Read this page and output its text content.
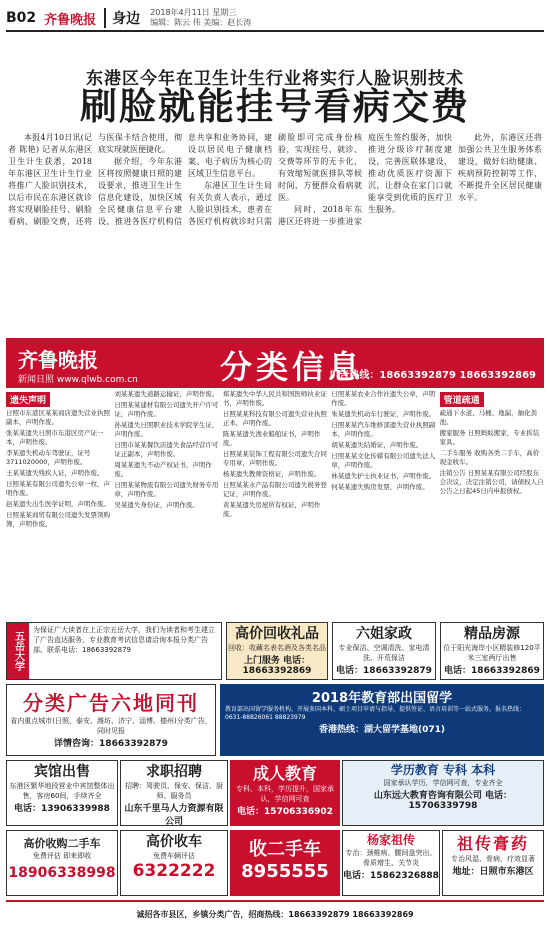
B02 齐鲁晚报	身边 2018年4月11日 星期三
编辑：陈云 伟 美编：赵长涛
东港区今年在卫生计生行业将实行人脸识别技术
刷脸就能挂号看病交费

本报4月10日讯(记者 陈艳) 记者从东港区卫生计生获悉，2018年东港区卫生计生行业将推广人脸识别技术，以后市民在东港区就诊将实现刷脸挂号、刷脸看病、刷脸交费，还将与医保卡结合使用，彻底实现就医便捷化。

据介绍，今年东港区将按照健康日照的建设要求，推进卫生计生信息化建设，加快区域全民健康信息平台建设，推进各医疗机构信息共享和业务协同，建设以居民电子健康档案、电子病历为核心的区域卫生信息平台。

东港区卫生计生局有关负责人表示，通过人脸识别技术，患者在各医疗机构就诊时只需刷脸即可完成身份核验，实现挂号、就诊、交费等环节的无卡化，有效缩短就医排队等候时间，方便群众看病就医。

同时，2018年东港区还将进一步推进家庭医生签约服务，加快推进分级诊疗制度建设，完善医联体建设，推动优质医疗资源下沉，让群众在家门口就能享受到优质的医疗卫生服务。

此外，东港区还将加强公共卫生服务体系建设，做好妇幼健康、疾病预防控制等工作，不断提升全区居民健康水平。

齐鲁晚报
新闻日照 www.qlwb.com.cn	分类信息
广告热线：18663392879 18663392869
遗失声明

日照市东港区某某商店遗失营业执照副本，声明作废。

张某某遗失日照市东港区房产证一本，声明作废。

李某遗失机动车驾驶证，证号3711020000，声明作废。

王某某遗失残疾人证，声明作废。

日照某某有限公司遗失公章一枚，声明作废。

赵某遗失出生医学证明，声明作废。

日照某某商贸有限公司遗失发票领购簿，声明作废。

刘某某遗失道路运输证，声明作废。

日照某某建材有限公司遗失开户许可证，声明作废。

孙某遗失日照职业技术学院学生证，声明作废。

日照市某某餐饮店遗失食品经营许可证正副本，声明作废。

周某某遗失不动产权证书，声明作废。

日照某某物流有限公司遗失财务专用章，声明作废。

吴某遗失身份证，声明作废。

郑某遗失中华人民共和国医师执业证书，声明作废。

日照某某科技有限公司遗失营业执照正本，声明作废。

陈某某遗失渔业船舶证书，声明作废。

日照某某装饰工程有限公司遗失合同专用章，声明作废。

杨某遗失教师资格证，声明作废。

日照某某水产品有限公司遗失税务登记证，声明作废。

黄某某遗失房屋所有权证，声明作废。

日照某某农业合作社遗失公章，声明作废。

朱某遗失机动车行驶证，声明作废。

日照某某汽车维修部遗失营业执照副本，声明作废。

胡某某遗失结婚证，声明作废。

日照某某文化传媒有限公司遗失法人章，声明作废。

林某遗失护士执业证书，声明作废。

何某某遗失购房发票，声明作废。

管道疏通

疏通下水道、马桶、地漏，抽化粪池。

搬家服务 日照蚂蚁搬家，专业拆装家具。

二手车服务 收购各类二手车，高价现金收车。

注销公告 日照某某有限公司经股东会决议，决定注销公司，请债权人自公告之日起45日内申报债权。

五岳大学
为保证广大读者在上正宗五岳大学，我们为读者和考生建立了广告直达服务，专业教育考试信息请洽询本报分类广告部。联系电话：18663392879
高价回收礼品
回收：收藏名表名酒及各类名品
上门服务 电话：18663392869
六姐家政
专业保洁、空调清洗、家电清洗、开荒保洁
电话：18663392879
精品房源
位于阳光海岸小区精装修120平米三室两厅出售
电话：18663392869
分类广告六地同刊
省内重点城市(日照、泰安、潍坊、济宁、淄博、德州)分类广告，同时见报
详情咨询：18663392879
2018年教育部出国留学
教育部出国留学服务机构，开展多国本科、硕士项目申请与指导，提供签证、语言培训等一站式服务。报名热线：0631-88826061 88823979
香港热线：湖大留学基地(071)
宾馆出售
东港区繁华地段营业中宾馆整体出售，客房60间，手续齐全
电话：13906339988
求职招聘
招聘：驾驶员、保安、保洁、厨师、服务员
山东千里马人力资源有限公司
成人教育
专科、本科，学历提升，国家承认，学信网可查
电话：15706336902
学历教育 专科 本科
国家承认学历，学信网可查，专业齐全
山东远大教育咨询有限公司 电话：15706339798
高价收购二手车
免费评估 即来即收
18906338998
高价收车
免费车辆评估
6322222
收二手车
8955555
杨家祖传
专治：颈椎病、腰间盘突出、骨质增生、关节炎
电话：15862326888
祖传膏药
专治风湿、骨病，疗效显著
地址：日照市东港区
诚招各市县区，乡镇分类广告，招商热线：18663392879 18663392869
